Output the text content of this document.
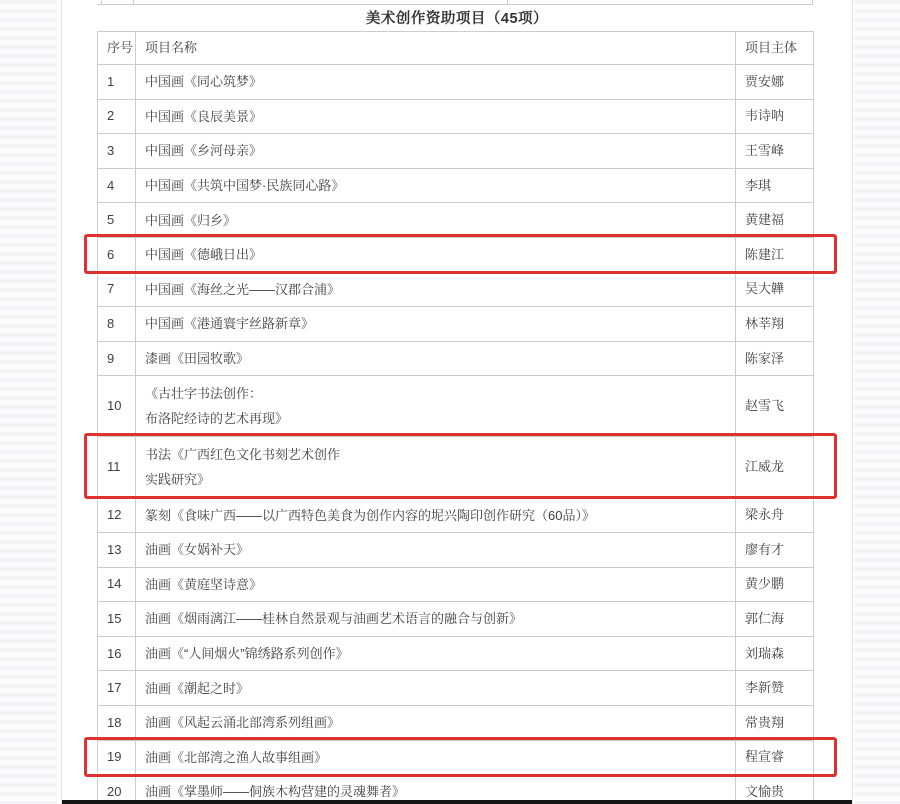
美术创作资助项目（45项）
序号	项目名称	项目主体
1	中国画《同心筑梦》	贾安娜
2	中国画《良辰美景》	韦诗呐
3	中国画《乡河母亲》	王雪峰
4	中国画《共筑中国梦·民族同心路》	李琪
5	中国画《归乡》	黄建福
6	中国画《德峨日出》	陈建江
7	中国画《海丝之光——汉郡合浦》	吴大韡
8	中国画《港通寰宇丝路新章》	林莘翔
9	漆画《田园牧歌》	陈家泽
10	《古壮字书法创作：
布洛陀经诗的艺术再现》	赵雪飞
11	书法《广西红色文化书刻艺术创作
实践研究》	江威龙
12	篆刻《食味广西——以广西特色美食为创作内容的坭兴陶印创作研究（60品）》	梁永舟
13	油画《女娲补天》	廖有才
14	油画《黄庭坚诗意》	黄少鹏
15	油画《烟雨漓江——桂林自然景观与油画艺术语言的融合与创新》	郭仁海
16	油画《“人间烟火”锦绣路系列创作》	刘瑞森
17	油画《潮起之时》	李新赞
18	油画《风起云涌北部湾系列组画》	常贵翔
19	油画《北部湾之渔人故事组画》	程宣睿
20	油画《掌墨师——侗族木构营建的灵魂舞者》	文愉贵
